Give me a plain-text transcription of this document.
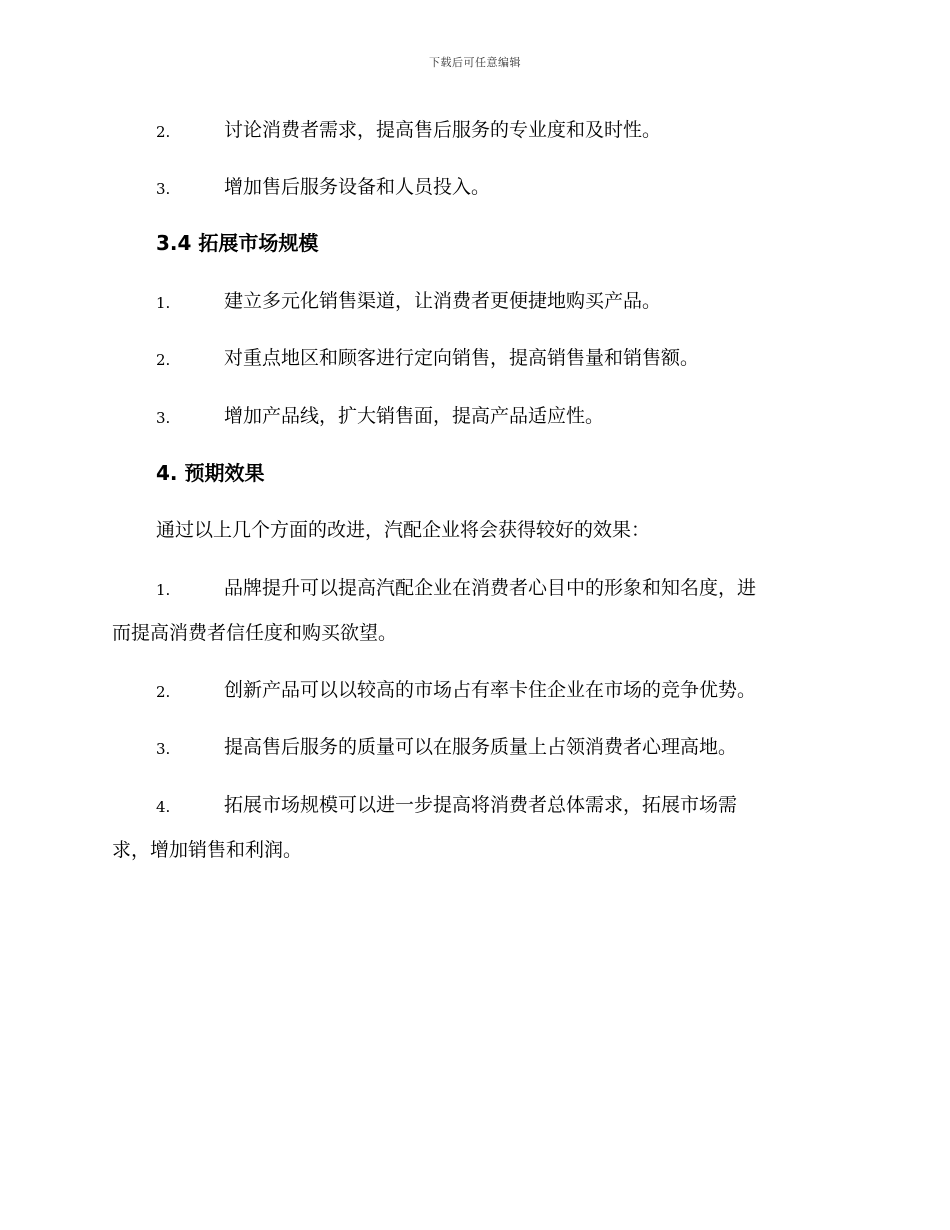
下载后可任意编辑
2.	讨论消费者需求，提高售后服务的专业度和及时性。
3.	增加售后服务设备和人员投入。
3.4 拓展市场规模
1.	建立多元化销售渠道，让消费者更便捷地购买产品。
2.	对重点地区和顾客进行定向销售，提高销售量和销售额。
3.	增加产品线，扩大销售面，提高产品适应性。
4. 预期效果
通过以上几个方面的改进，汽配企业将会获得较好的效果：
1.	品牌提升可以提高汽配企业在消费者心目中的形象和知名度，进
而提高消费者信任度和购买欲望。
2.	创新产品可以以较高的市场占有率卡住企业在市场的竞争优势。
3.	提高售后服务的质量可以在服务质量上占领消费者心理高地。
4.	拓展市场规模可以进一步提高将消费者总体需求，拓展市场需
求，增加销售和利润。
